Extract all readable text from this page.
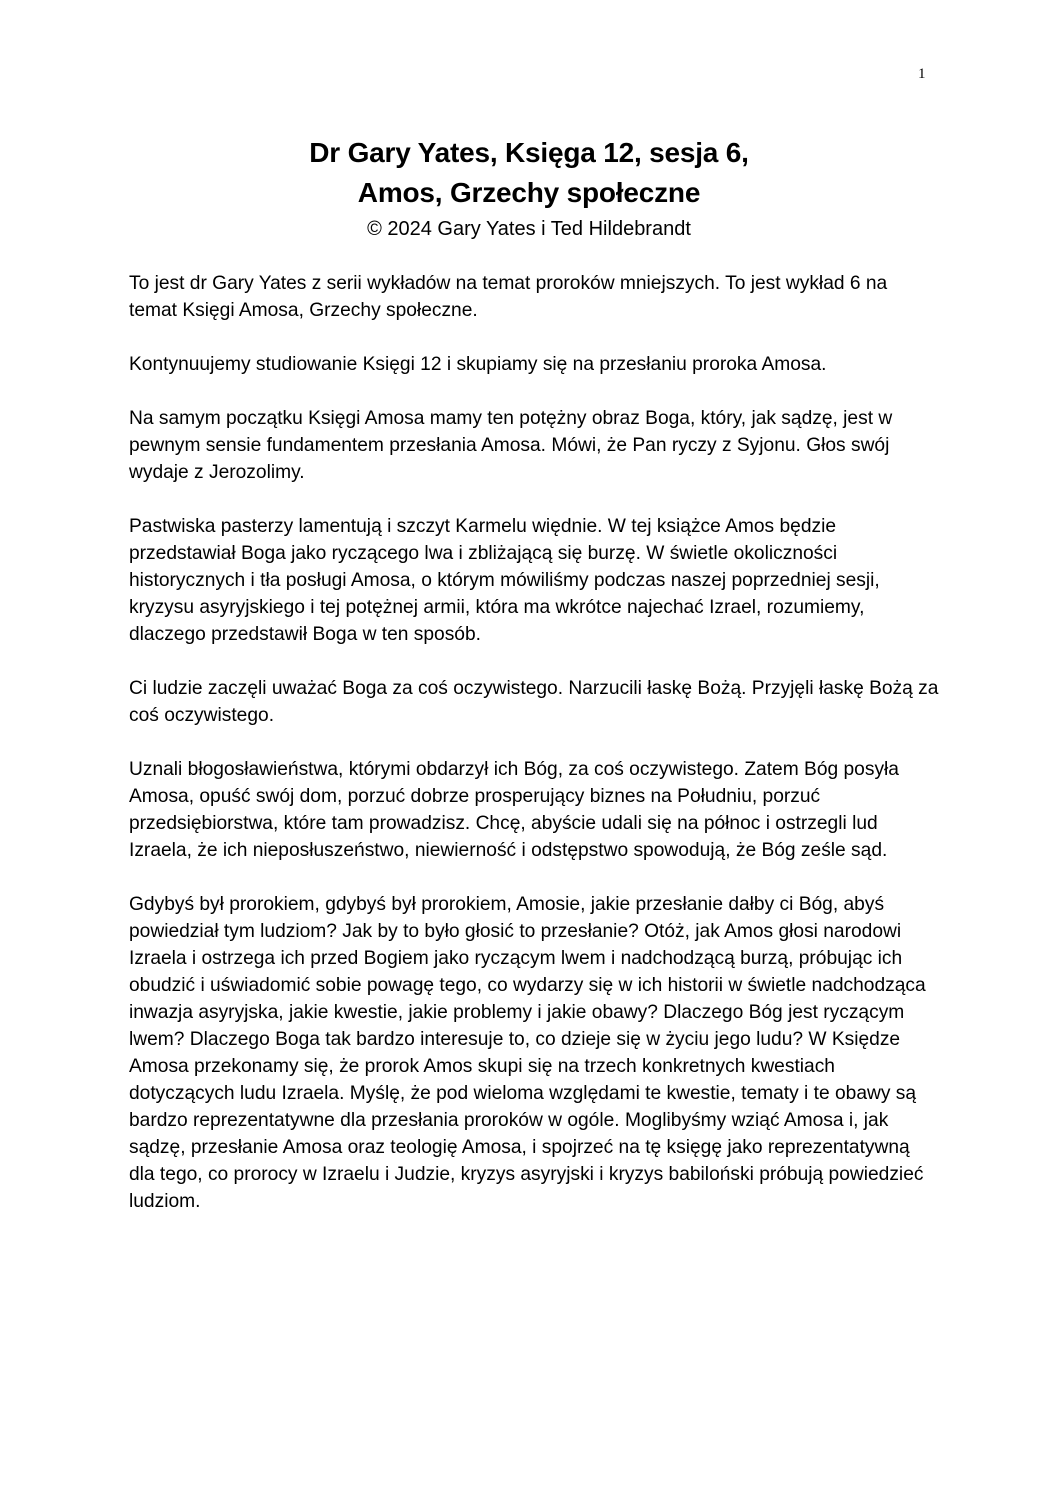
1
Dr Gary Yates, Księga 12, sesja 6,
Amos, Grzechy społeczne
© 2024 Gary Yates i Ted Hildebrandt

To jest dr Gary Yates z serii wykładów na temat proroków mniejszych. To jest wykład 6 na temat Księgi Amosa, Grzechy społeczne.

Kontynuujemy studiowanie Księgi 12 i skupiamy się na przesłaniu proroka Amosa.

Na samym początku Księgi Amosa mamy ten potężny obraz Boga, który, jak sądzę, jest w pewnym sensie fundamentem przesłania Amosa. Mówi, że Pan ryczy z Syjonu. Głos swój wydaje z Jerozolimy.

Pastwiska pasterzy lamentują i szczyt Karmelu więdnie. W tej książce Amos będzie przedstawiał Boga jako ryczącego lwa i zbliżającą się burzę. W świetle okoliczności historycznych i tła posługi Amosa, o którym mówiliśmy podczas naszej poprzedniej sesji, kryzysu asyryjskiego i tej potężnej armii, która ma wkrótce najechać Izrael, rozumiemy, dlaczego przedstawił Boga w ten sposób.

Ci ludzie zaczęli uważać Boga za coś oczywistego. Narzucili łaskę Bożą. Przyjęli łaskę Bożą za coś oczywistego.

Uznali błogosławieństwa, którymi obdarzył ich Bóg, za coś oczywistego. Zatem Bóg posyła Amosa, opuść swój dom, porzuć dobrze prosperujący biznes na Południu, porzuć przedsiębiorstwa, które tam prowadzisz. Chcę, abyście udali się na północ i ostrzegli lud Izraela, że ich nieposłuszeństwo, niewierność i odstępstwo spowodują, że Bóg ześle sąd.

Gdybyś był prorokiem, gdybyś był prorokiem, Amosie, jakie przesłanie dałby ci Bóg, abyś powiedział tym ludziom? Jak by to było głosić to przesłanie? Otóż, jak Amos głosi narodowi Izraela i ostrzega ich przed Bogiem jako ryczącym lwem i nadchodzącą burzą, próbując ich obudzić i uświadomić sobie powagę tego, co wydarzy się w ich historii w świetle nadchodząca inwazja asyryjska, jakie kwestie, jakie problemy i jakie obawy? Dlaczego Bóg jest ryczącym lwem? Dlaczego Boga tak bardzo interesuje to, co dzieje się w życiu jego ludu? W Księdze Amosa przekonamy się, że prorok Amos skupi się na trzech konkretnych kwestiach dotyczących ludu Izraela. Myślę, że pod wieloma względami te kwestie, tematy i te obawy są bardzo reprezentatywne dla przesłania proroków w ogóle. Moglibyśmy wziąć Amosa i, jak sądzę, przesłanie Amosa oraz teologię Amosa, i spojrzeć na tę księgę jako reprezentatywną dla tego, co prorocy w Izraelu i Judzie, kryzys asyryjski i kryzys babiloński próbują powiedzieć ludziom.
